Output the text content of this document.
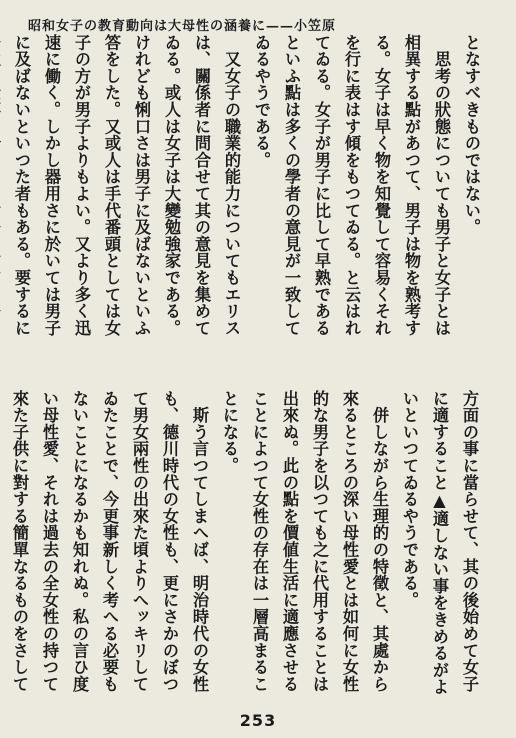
昭和女子の教育動向は大母性の涵養に——小笠原

となすべきものではない。

　思考の狀態についても男子と女子とは相異する點があつて、男子は物を熟考する。女子は早く物を知覺して容易くそれを行に表はす傾をもつてゐる。と云はれてゐる。女子が男子に比して早熟であるといふ點は多くの學者の意見が一致してゐるやうである。

　又女子の職業的能力についてもエリスは、關係者に問合せて其の意見を集めてゐる。或人は女子は大變勉強家である。けれども悧口さは男子に及ばないといふ答をした。又或人は手代番頭としては女子の方が男子よりもよい。又より多く迅速に働く。しかし器用さに於いては男子に及ばないといつた者もある。要するに

方面の事に當らせて、其の後始めて女子に適すること▲適しない事をきめるがよいといつてゐるやうである。

　併しながら生理的の特徵と、其處から來るところの深い母性愛とは如何に女性的な男子を以つても之に代用することは出來ぬ。此の點を價値生活に適應させることによつて女性の存在は一層高まることになる。

　斯う言つてしまへば、明治時代の女性も、德川時代の女性も、更にさかのぼつて男女兩性の出來た頃よりへッキリしてゐたことで、今更事新しく考へる必要もないことになるかも知れぬ。私の言ひ度い母性愛、それは過去の全女性の持つて來た子供に對する簡單なるものをさして

253
